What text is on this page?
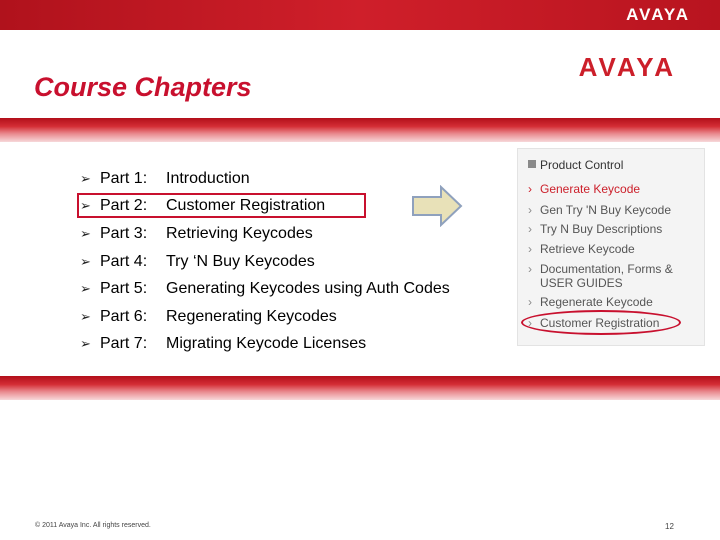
AVAYA
AVAYA
Course Chapters
➢ Part 1:	Introduction
➢ Part 2:	Customer Registration
➢ Part 3:	Retrieving Keycodes
➢ Part 4:	Try ‘N Buy Keycodes
➢ Part 5:	Generating Keycodes using Auth Codes
➢ Part 6:	Regenerating Keycodes
➢ Part 7:	Migrating Keycode Licenses
Product Control
› Generate Keycode
› Gen Try 'N Buy Keycode
› Try N Buy Descriptions
› Retrieve Keycode
› Documentation, Forms &
USER GUIDES
› Regenerate Keycode
› Customer Registration
© 2011 Avaya Inc. All rights reserved.	12
